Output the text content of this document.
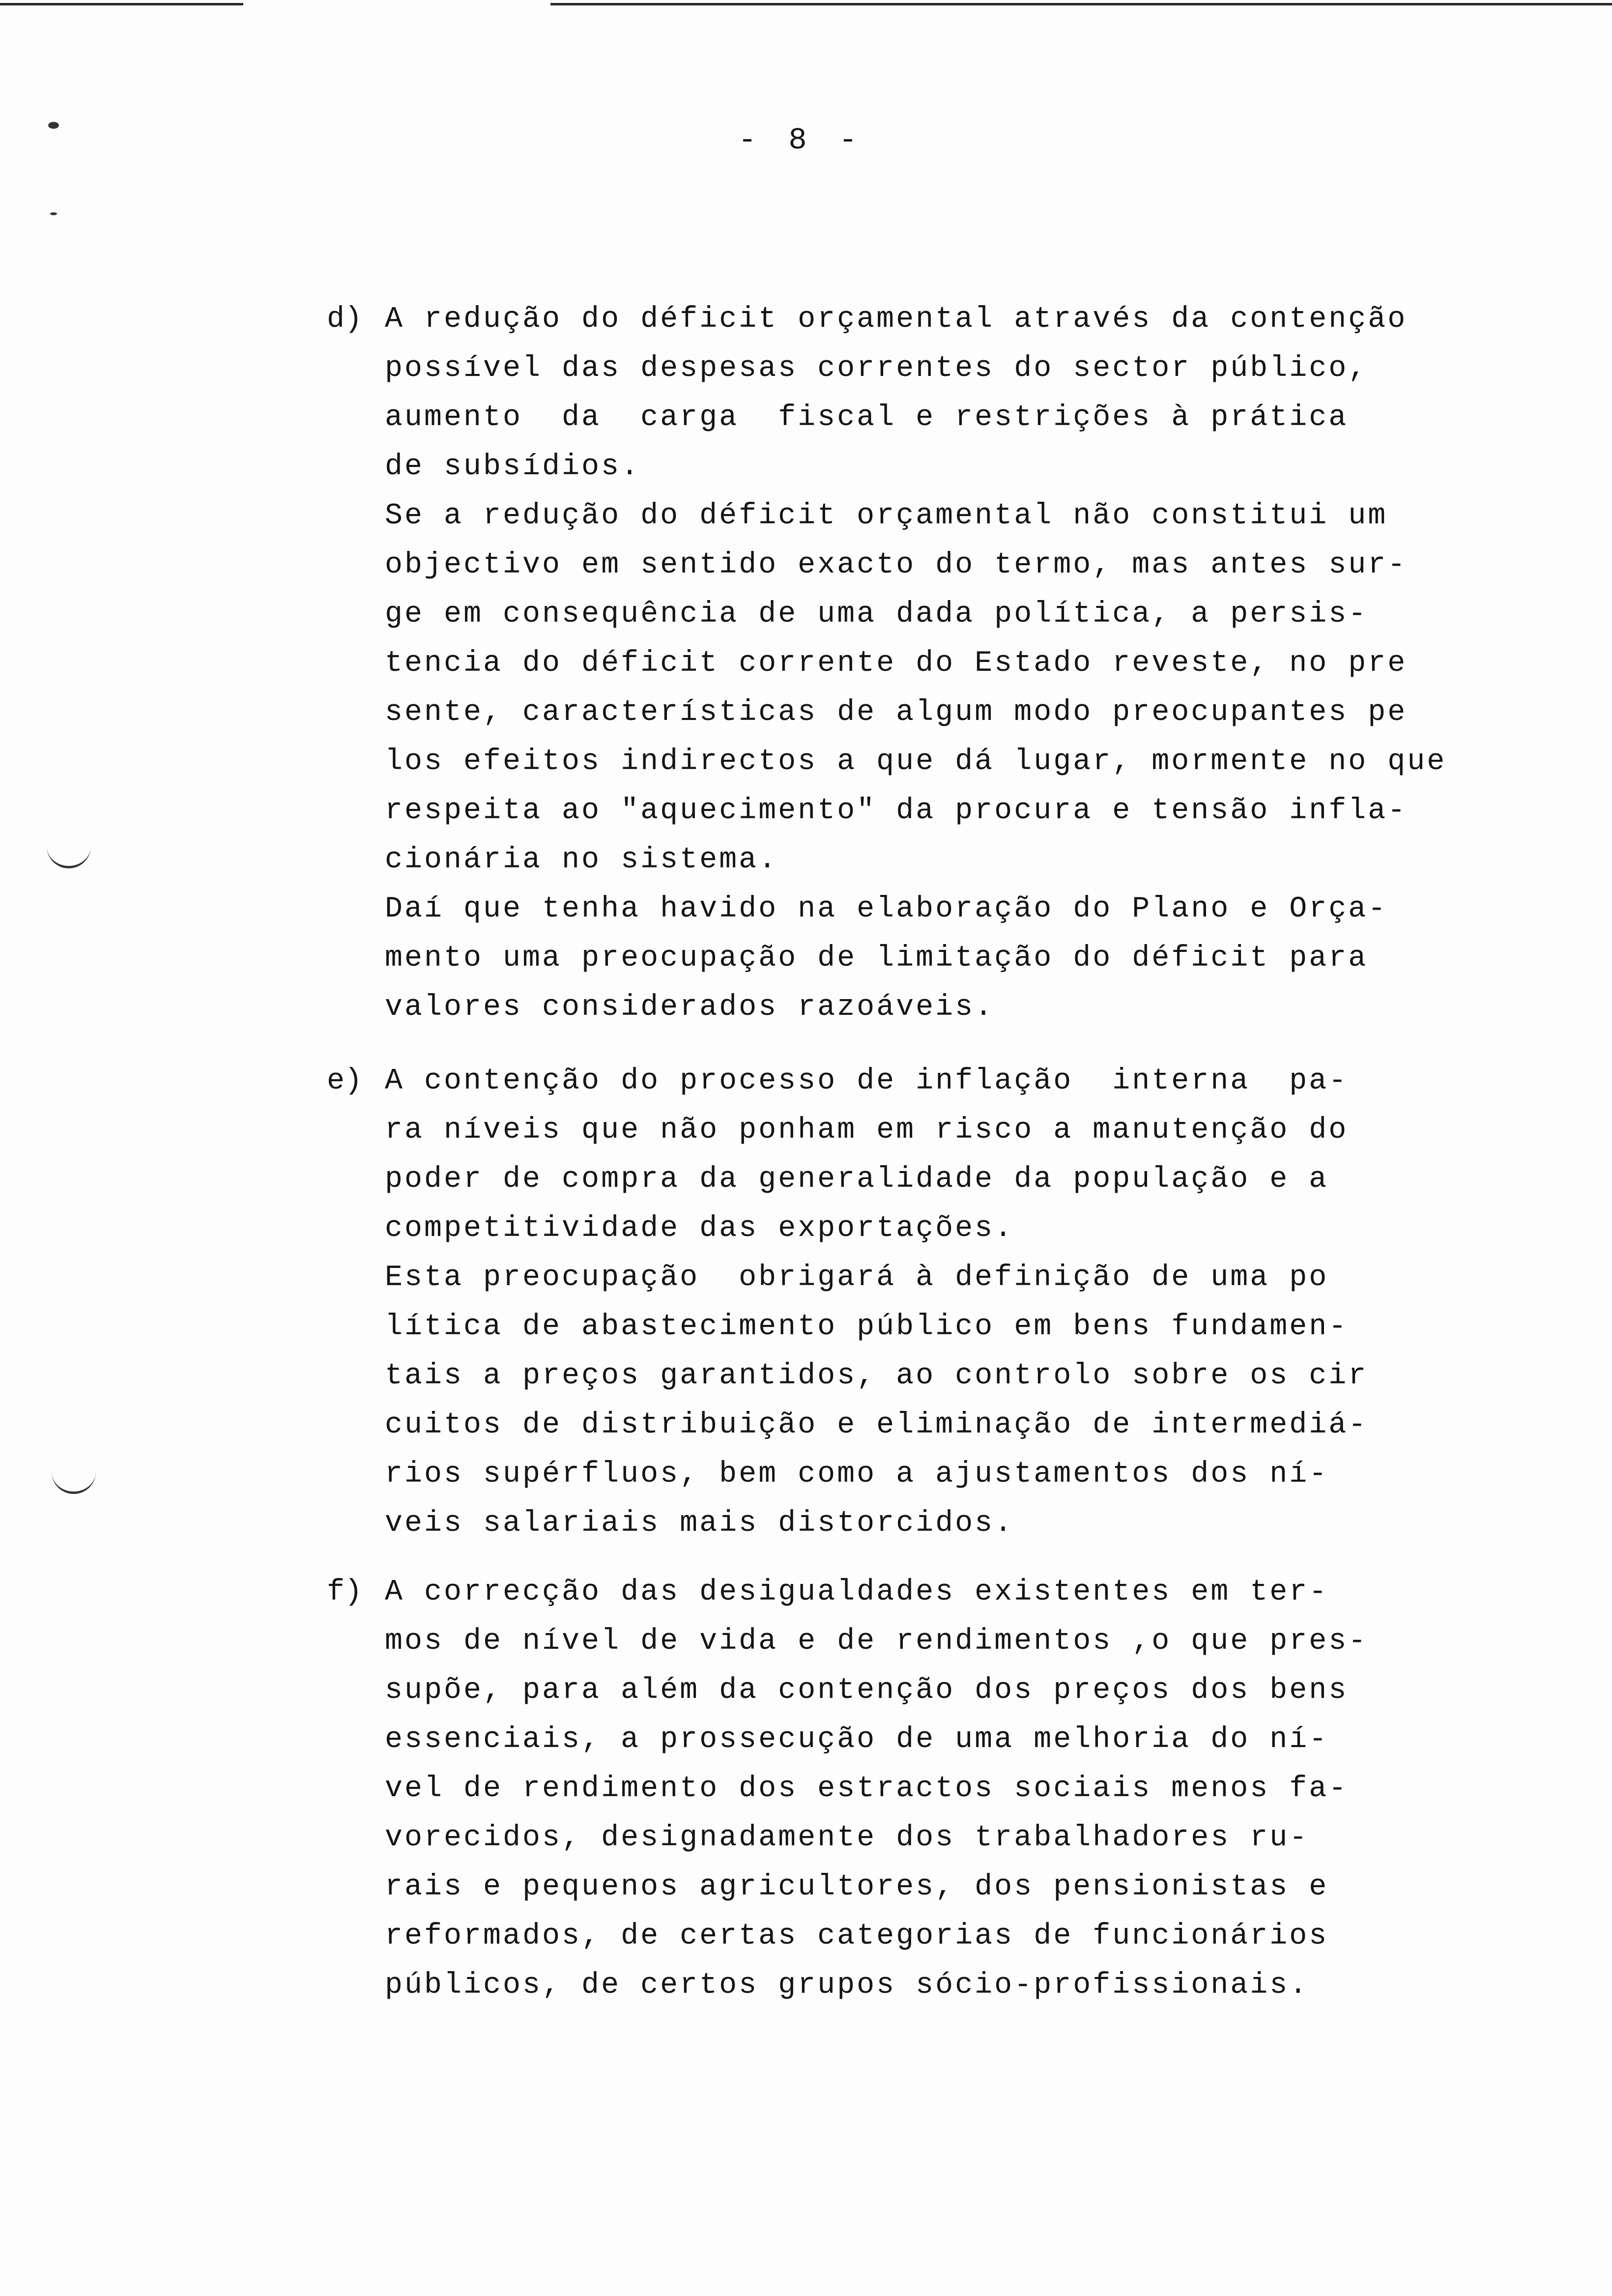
- 8 -
d) A redução do déficit orçamental através da contenção
possível das despesas correntes do sector público,
aumento  da  carga  fiscal e restrições à prática
de subsídios.
Se a redução do déficit orçamental não constitui um
objectivo em sentido exacto do termo, mas antes sur-
ge em consequência de uma dada política, a persis-
tencia do déficit corrente do Estado reveste, no pre
sente, características de algum modo preocupantes pe
los efeitos indirectos a que dá lugar, mormente no que
respeita ao "aquecimento" da procura e tensão infla-
cionária no sistema.
Daí que tenha havido na elaboração do Plano e Orça-
mento uma preocupação de limitação do déficit para
valores considerados razoáveis.
e) A contenção do processo de inflação  interna  pa-
ra níveis que não ponham em risco a manutenção do
poder de compra da generalidade da população e a
competitividade das exportações.
Esta preocupação  obrigará à definição de uma po
lítica de abastecimento público em bens fundamen-
tais a preços garantidos, ao controlo sobre os cir
cuitos de distribuição e eliminação de intermediá-
rios supérfluos, bem como a ajustamentos dos ní-
veis salariais mais distorcidos.
f) A correcção das desigualdades existentes em ter-
mos de nível de vida e de rendimentos ,o que pres-
supõe, para além da contenção dos preços dos bens
essenciais, a prossecução de uma melhoria do ní-
vel de rendimento dos estractos sociais menos fa-
vorecidos, designadamente dos trabalhadores ru-
rais e pequenos agricultores, dos pensionistas e
reformados, de certas categorias de funcionários
públicos, de certos grupos sócio-profissionais.
